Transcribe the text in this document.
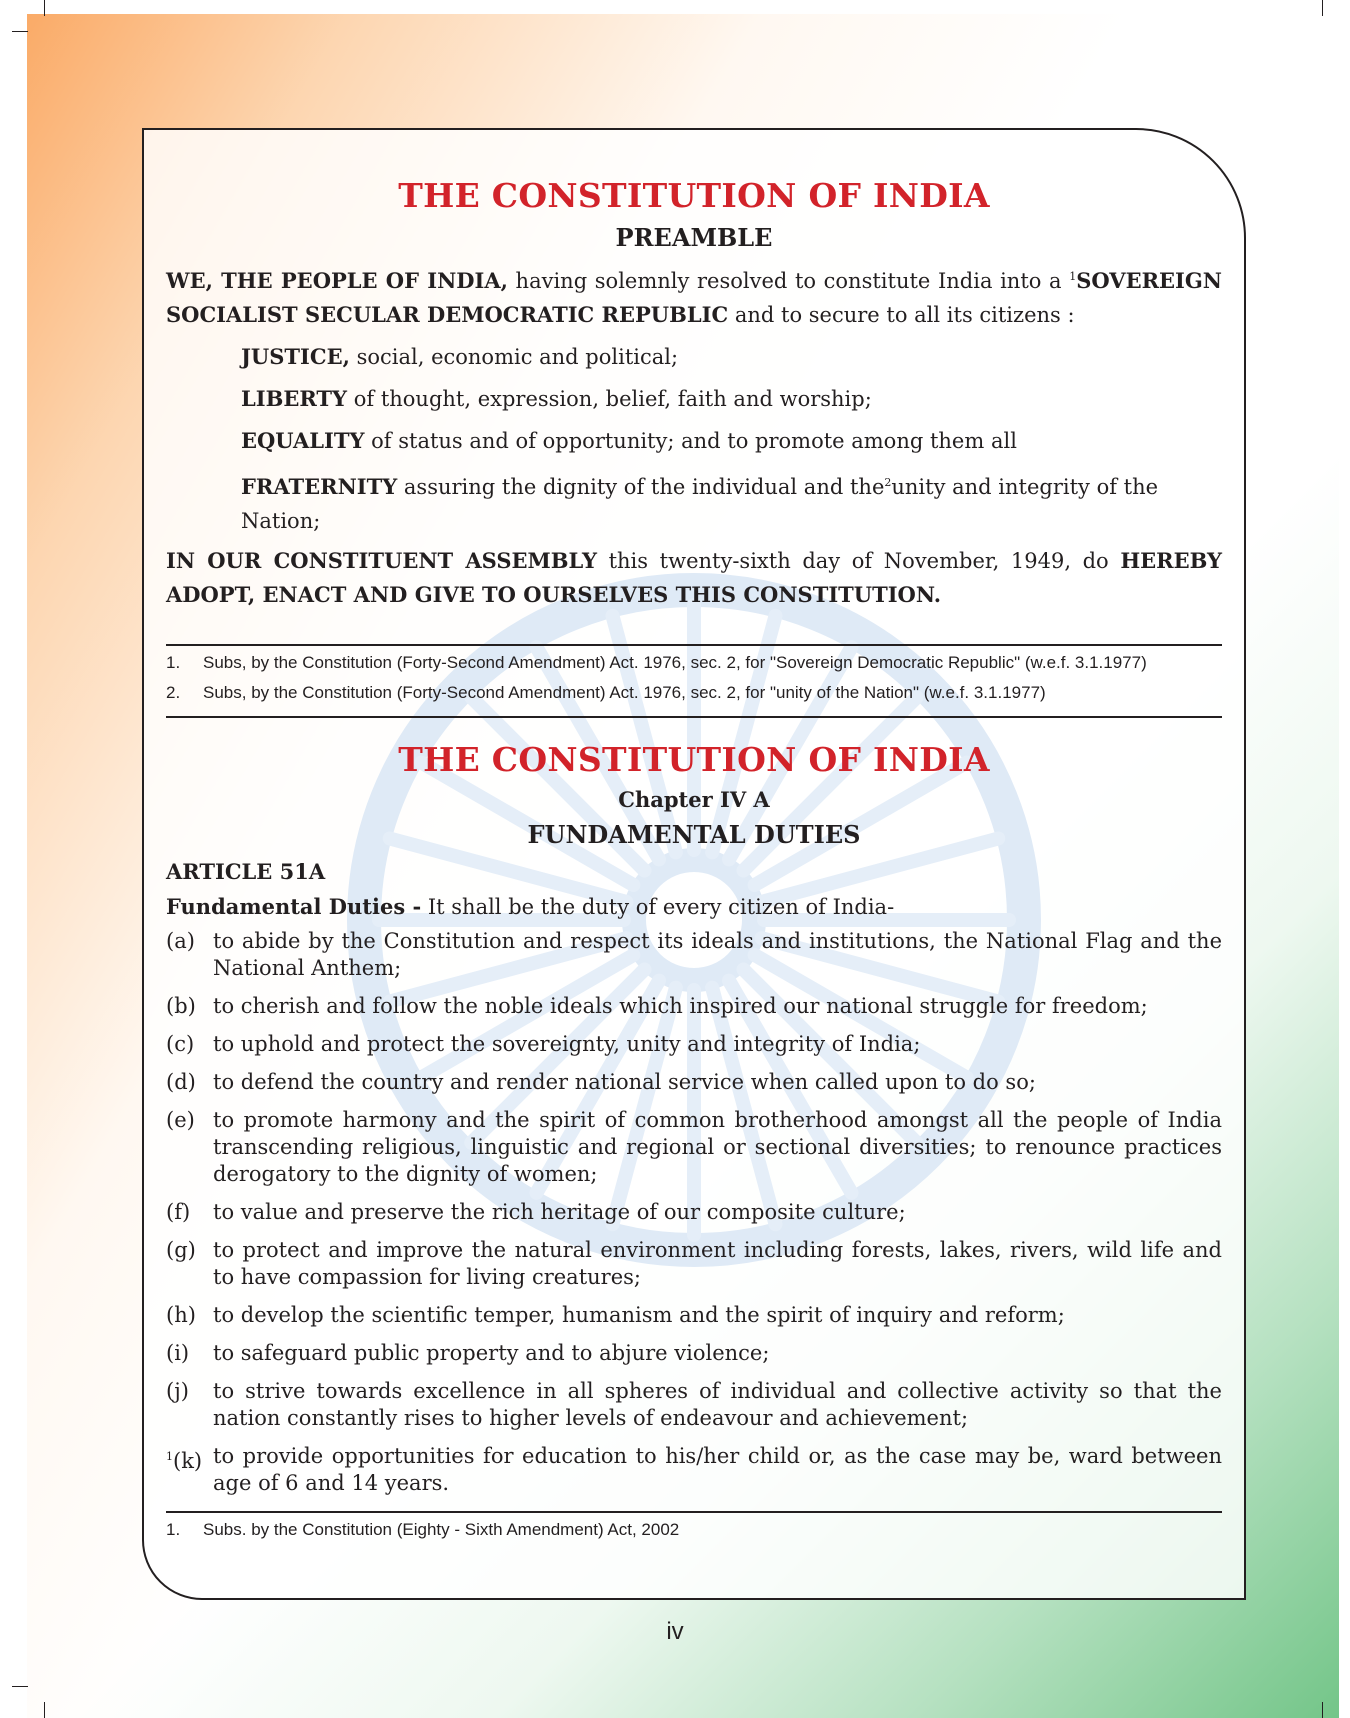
THE CONSTITUTION OF INDIA
PREAMBLE
WE, THE PEOPLE OF INDIA, having solemnly resolved to constitute India into a $^1$SOVEREIGN SOCIALIST SECULAR DEMOCRATIC REPUBLIC and to secure to all its citizens :

JUSTICE, social, economic and political;

LIBERTY of thought, expression, belief, faith and worship;

EQUALITY of status and of opportunity; and to promote among them all

FRATERNITY assuring the dignity of the individual and the$^2$unity and integrity of the Nation;

IN OUR CONSTITUENT ASSEMBLY this twenty-sixth day of November, 1949, do HEREBY ADOPT, ENACT AND GIVE TO OURSELVES THIS CONSTITUTION.
1.	Subs, by the Constitution (Forty-Second Amendment) Act. 1976, sec. 2, for "Sovereign Democratic Republic" (w.e.f. 3.1.1977)
2.	Subs, by the Constitution (Forty-Second Amendment) Act. 1976, sec. 2, for "unity of the Nation" (w.e.f. 3.1.1977)
THE CONSTITUTION OF INDIA
Chapter IV A
FUNDAMENTAL DUTIES
ARTICLE 51A
Fundamental Duties - It shall be the duty of every citizen of India-
(a) to abide by the Constitution and respect its ideals and institutions, the National Flag and the National Anthem;
(b) to cherish and follow the noble ideals which inspired our national struggle for freedom;
(c) to uphold and protect the sovereignty, unity and integrity of India;
(d) to defend the country and render national service when called upon to do so;
(e) to promote harmony and the spirit of common brotherhood amongst all the people of India transcending religious, linguistic and regional or sectional diversities; to renounce practices derogatory to the dignity of women;
(f)	to value and preserve the rich heritage of our composite culture;
(g) to protect and improve the natural environment including forests, lakes, rivers, wild life and to have compassion for living creatures;
(h) to develop the scientific temper, humanism and the spirit of inquiry and reform;
(i)	to safeguard public property and to abjure violence;
(j)	to strive towards excellence in all spheres of individual and collective activity so that the nation constantly rises to higher levels of endeavour and achievement;
$^1$(k) to provide opportunities for education to his/her child or, as the case may be, ward between age of 6 and 14 years.
1.	Subs. by the Constitution (Eighty - Sixth Amendment) Act, 2002
iv
